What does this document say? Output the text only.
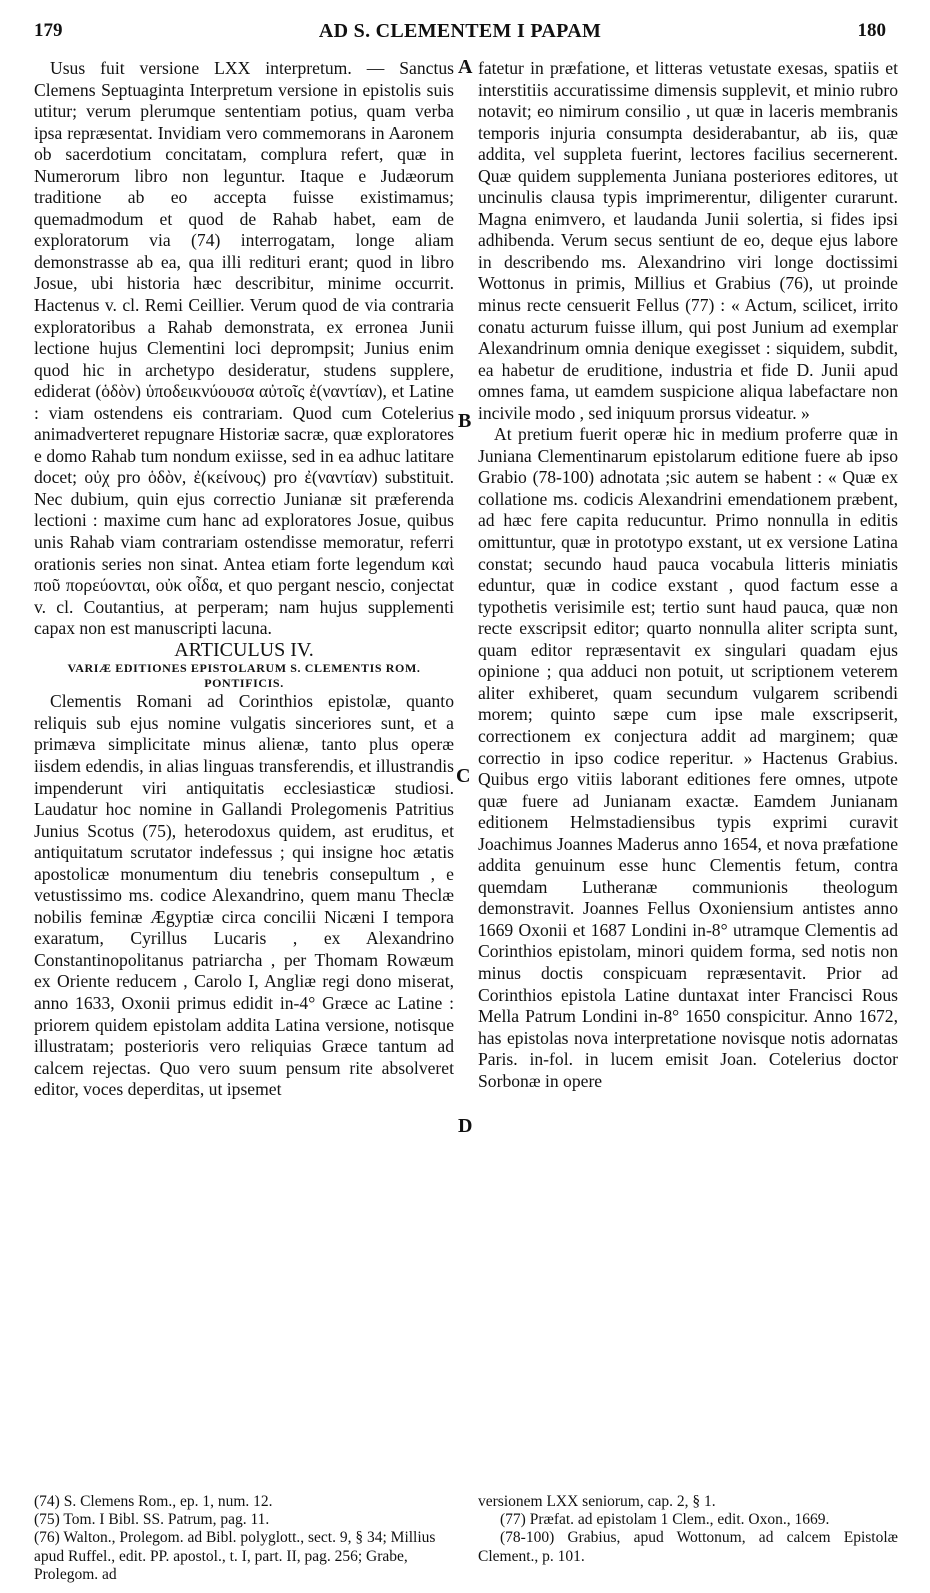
179	AD S. CLEMENTEM I PAPAM	180

Usus fuit versione LXX interpretum. — Sanctus Clemens Septuaginta Interpretum versione in epistolis suis utitur; verum plerumque sententiam potius, quam verba ipsa repræsentat. Invidiam vero commemorans in Aaronem ob sacerdotium concitatam, complura refert, quæ in Numerorum libro non leguntur. Itaque e Judæorum traditione ab eo acceptа fuisse existimamus; quemadmodum et quod de Rahab habet, eam de exploratorum via (74) interrogatam, longe aliam demonstrasse ab ea, qua illi redituri erant; quod in libro Josue, ubi historia hæc describitur, minime occurrit. Hactenus v. cl. Remi Ceillier. Verum quod de via contraria exploratoribus a Rahab demonstrata, ex erronea Junii lectione hujus Clementini loci deprompsit; Junius enim quod hic in archetypo desideratur, studens supplere, ediderat (ὁδὸν) ὑποδεικνύουσα αὐτοῖς ἐ(ναντίαν), et Latine : viam ostendens eis contrariam. Quod cum Cotelerius animadverteret repugnare Historiæ sacræ, quæ exploratores e domo Rahab tum nondum exiisse, sed in ea adhuc latitare docet; οὐχ pro ὁδὸν, ἐ(κείνους) pro ἐ(ναντίαν) substituit. Nec dubium, quin ejus correctio Junianæ sit præferenda lectioni : maxime cum hanc ad exploratores Josue, quibus unis Rahab viam contrariam ostendisse memoratur, referri orationis series non sinat. Antea etiam forte legendum καὶ ποῦ πορεύονται, οὐκ οἶδα, et quo pergant nescio, conjectat v. cl. Coutantius, at perperam; nam hujus supplementi capax non est manuscripti lacuna.

ARTICULUS IV.

VARIÆ EDITIONES EPISTOLARUM S. CLEMENTIS ROM. PONTIFICIS.

Clementis Romani ad Corinthios epistolæ, quanto reliquis sub ejus nomine vulgatis sinceriores sunt, et a primæva simplicitate minus alienæ, tanto plus operæ iisdem edendis, in alias linguas transferendis, et illustrandis impenderunt viri antiquitatis ecclesiasticæ studiosi. Laudatur hoc nomine in Gallandi Prolegomenis Patritius Junius Scotus (75), heterodoxus quidem, ast eruditus, et antiquitatum scrutator indefessus ; qui insigne hoc ætatis apostolicæ monumentum diu tenebris consepultum , e vetustissimo ms. codice Alexandrino, quem manu Theclæ nobilis feminæ Ægyptiæ circa concilii Nicæni I tempora exaratum, Cyrillus Lucaris , ex Alexandrino Constantinopolitanus patriarcha , per Thomam Rowæum ex Oriente reducem , Carolo I, Angliæ regi dono miserat, anno 1633, Oxonii primus edidit in-4° Græce ac Latine : priorem quidem epistolam addita Latina versione, notisque illustratam; posterioris vero reliquias Græce tantum ad calcem rejectas. Quo vero suum pensum rite absolveret editor, voces deperditas, ut ipsemet

fatetur in præfatione, et litteras vetustate exesas, spatiis et interstitiis accuratissime dimensis supplevit, et minio rubro notavit; eo nimirum consilio , ut quæ in laceris membranis temporis injuria consumpta desiderabantur, ab iis, quæ addita, vel suppleta fuerint, lectores facilius secernerent. Quæ quidem supplementa Juniana posteriores editores, ut uncinulis clausa typis imprimerentur, diligenter curarunt. Magna enimvero, et laudanda Junii solertia, si fides ipsi adhibenda. Verum secus sentiunt de eo, deque ejus labore in describendo ms. Alexandrino viri longe doctissimi Wottonus in primis, Millius et Grabius (76), ut proinde minus recte censuerit Fellus (77) : « Actum, scilicet, irrito conatu acturum fuisse illum, qui post Junium ad exemplar Alexandrinum omnia denique exegisset : siquidem, subdit, ea habetur de eruditione, industria et fide D. Junii apud omnes fama, ut eamdem suspicione aliqua labefactare non incivile modo , sed iniquum prorsus videatur. »

At pretium fuerit operæ hic in medium proferre quæ in Juniana Clementinarum epistolarum editione fuere ab ipso Grabio (78-100) adnotata ;sic autem se habent : « Quæ ex collatione ms. codicis Alexandrini emendationem præbent, ad hæc fere capita reducuntur. Primo nonnulla in editis omittuntur, quæ in prototypo exstant, ut ex versione Latina constat; secundo haud pauca vocabula litteris miniatis eduntur, quæ in codice exstant , quod factum esse a typothetis verisimile est; tertio sunt haud pauca, quæ non recte exscripsit editor; quarto nonnulla aliter scripta sunt, quam editor repræsentavit ex singulari quadam ejus opinione ; qua adduci non potuit, ut scriptionem veterem aliter exhiberet, quam secundum vulgarem scribendi morem; quinto sæpe cum ipse male exscripserit, correctionem ex conjectura addit ad marginem; quæ correctio in ipso codice reperitur. » Hactenus Grabius. Quibus ergo vitiis laborant editiones fere omnes, utpote quæ fuere ad Junianam exactæ. Eamdem Junianam editionem Helmstadiensibus typis exprimi curavit Joachimus Joannes Maderus anno 1654, et nova præfatione addita genuinum esse hunc Clementis fetum, contra quemdam Lutheranæ communionis theologum demonstravit. Joannes Fellus Oxoniensium antistes anno 1669 Oxonii et 1687 Londini in-8° utramque Clementis ad Corinthios epistolam, minori quidem forma, sed notis non minus doctis conspicuam repræsentavit. Prior ad Corinthios epistola Latine duntaxat inter Francisci Rous Mella Patrum Londini in-8° 1650 conspicitur. Anno 1672, has epistolas nova interpretatione novisque notis adornatas Paris. in-fol. in lucem emisit Joan. Cotelerius doctor Sorbonæ in opere

A
B
C
D

(74) S. Clemens Rom., ep. 1, num. 12.

(75) Tom. I Bibl. SS. Patrum, pag. 11.

(76) Walton., Prolegom. ad Bibl. polyglott., sect. 9, § 34; Millius apud Ruffel., edit. PP. apostol., t. I, part. II, pag. 256; Grabe, Prolegom. ad

versionem LXX seniorum, cap. 2, § 1.

(77) Præfat. ad epistolam 1 Clem., edit. Oxon., 1669.

(78-100) Grabius, apud Wottonum, ad calcem Epistolæ Clement., p. 101.
